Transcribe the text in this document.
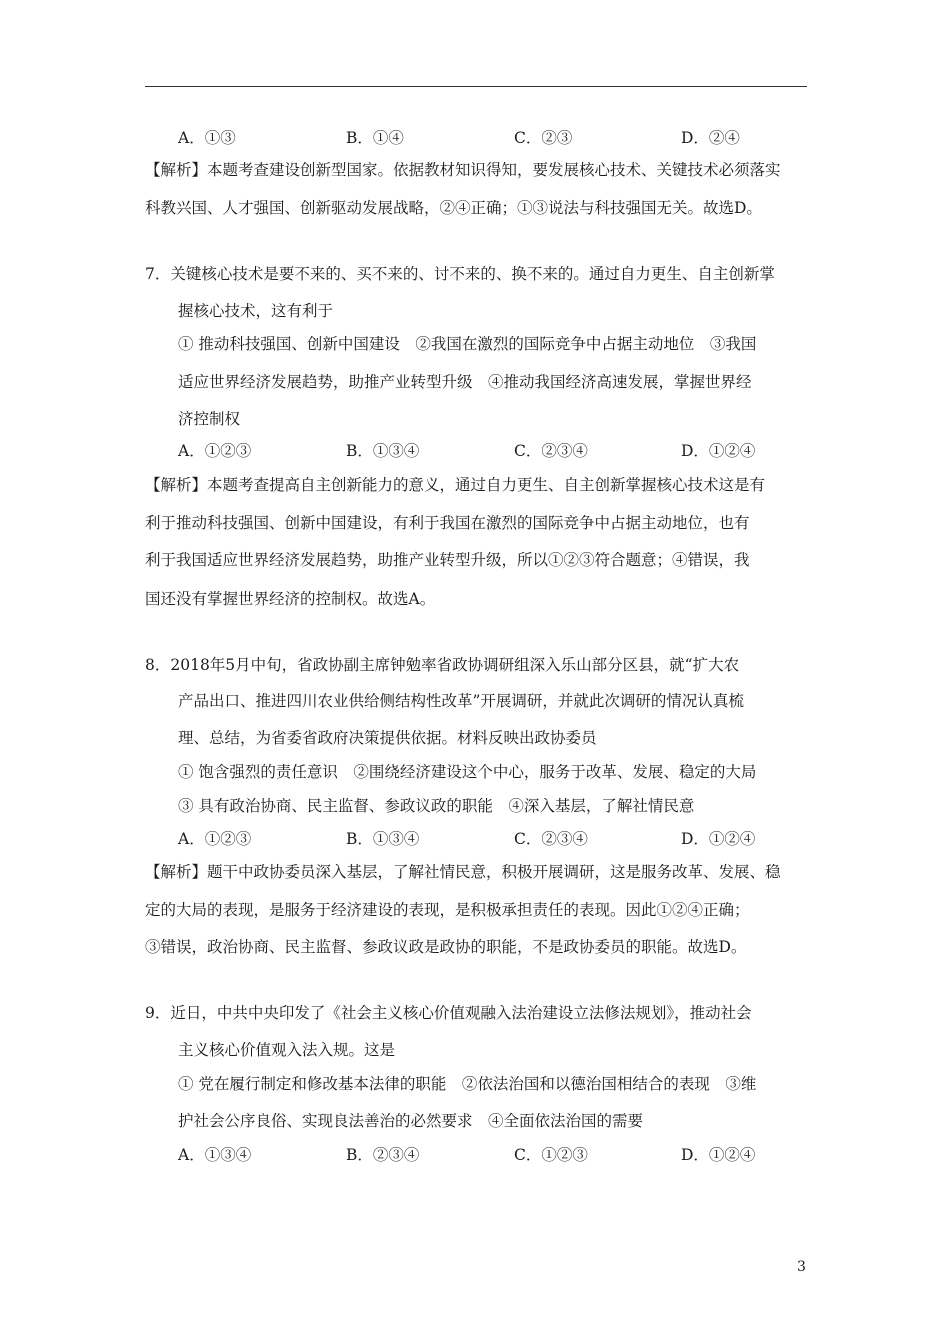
A．①③	B．①④	C．②③	D．②④
【解析】本题考查建设创新型国家。依据教材知识得知，要发展核心技术、关键技术必须落实
科教兴国、人才强国、创新驱动发展战略，②④正确；①③说法与科技强国无关。故选D。
7．关键核心技术是要不来的、买不来的、讨不来的、换不来的。通过自力更生、自主创新掌
握核心技术，这有利于
① 推动科技强国、创新中国建设　②我国在激烈的国际竞争中占据主动地位　③我国
适应世界经济发展趋势，助推产业转型升级　④推动我国经济高速发展，掌握世界经
济控制权
A．①②③	B．①③④	C．②③④	D．①②④
【解析】本题考查提高自主创新能力的意义，通过自力更生、自主创新掌握核心技术这是有
利于推动科技强国、创新中国建设，有利于我国在激烈的国际竞争中占据主动地位，也有
利于我国适应世界经济发展趋势，助推产业转型升级，所以①②③符合题意；④错误，我
国还没有掌握世界经济的控制权。故选A。
8．2018年5月中旬，省政协副主席钟勉率省政协调研组深入乐山部分区县，就“扩大农
产品出口、推进四川农业供给侧结构性改革”开展调研，并就此次调研的情况认真梳
理、总结，为省委省政府决策提供依据。材料反映出政协委员
① 饱含强烈的责任意识　②围绕经济建设这个中心，服务于改革、发展、稳定的大局
③ 具有政治协商、民主监督、参政议政的职能　④深入基层，了解社情民意
A．①②③	B．①③④	C．②③④	D．①②④
【解析】题干中政协委员深入基层，了解社情民意，积极开展调研，这是服务改革、发展、稳
定的大局的表现，是服务于经济建设的表现，是积极承担责任的表现。因此①②④正确；
③错误，政治协商、民主监督、参政议政是政协的职能，不是政协委员的职能。故选D。
9．近日，中共中央印发了《社会主义核心价值观融入法治建设立法修法规划》，推动社会
主义核心价值观入法入规。这是
① 党在履行制定和修改基本法律的职能　②依法治国和以德治国相结合的表现　③维
护社会公序良俗、实现良法善治的必然要求　④全面依法治国的需要
A．①③④	B．②③④	C．①②③	D．①②④
3
